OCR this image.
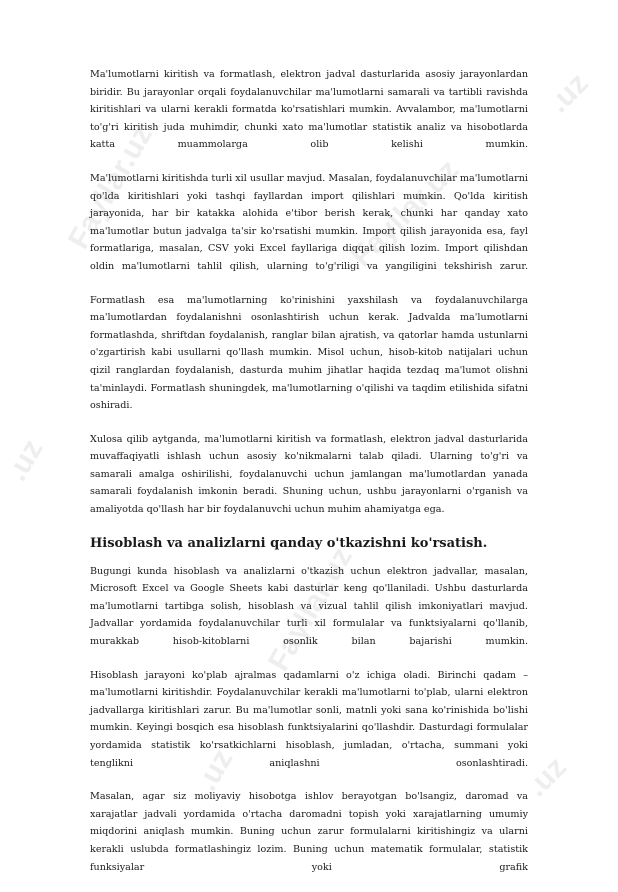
Fayllar.uz	Fayllar.uz
.uz
.uz
Fayllar.uz
.uz	.uz

Ma'lumotlarni kiritish va formatlash, elektron jadval dasturlarida asosiy jarayonlardan biridir. Bu jarayonlar orqali foydalanuvchilar ma'lumotlarni samarali va tartibli ravishda kiritishlari va ularni kerakli formatda ko'rsatishlari mumkin. Avvalambor, ma'lumotlarni to'g'ri kiritish juda muhimdir, chunki xato ma'lumotlar statistik analiz va hisobotlarda katta muammolarga olib kelishi mumkin.

Ma'lumotlarni kiritishda turli xil usullar mavjud. Masalan, foydalanuvchilar ma'lumotlarni qo'lda kiritishlari yoki tashqi fayllardan import qilishlari mumkin. Qo'lda kiritish jarayonida, har bir katakka alohida e'tibor berish kerak, chunki har qanday xato ma'lumotlar butun jadvalga ta'sir ko'rsatishi mumkin. Import qilish jarayonida esa, fayl formatlariga, masalan, CSV yoki Excel fayllariga diqqat qilish lozim. Import qilishdan oldin ma'lumotlarni tahlil qilish, ularning to'g'riligi va yangiligini tekshirish zarur.

Formatlash esa ma'lumotlarning ko'rinishini yaxshilash va foydalanuvchilarga ma'lumotlardan foydalanishni osonlashtirish uchun kerak. Jadvalda ma'lumotlarni formatlashda, shriftdan foydalanish, ranglar bilan ajratish, va qatorlar hamda ustunlarni o'zgartirish kabi usullarni qo'llash mumkin. Misol uchun, hisob-kitob natijalari uchun qizil ranglardan foydalanish, dasturda muhim jihatlar haqida tezdaq ma'lumot olishni ta'minlaydi. Formatlash shuningdek, ma'lumotlarning o'qilishi va taqdim etilishida sifatni oshiradi.

Xulosa qilib aytganda, ma'lumotlarni kiritish va formatlash, elektron jadval dasturlarida muvaffaqiyatli ishlash uchun asosiy ko'nikmalarni talab qiladi. Ularning to'g'ri va samarali amalga oshirilishi, foydalanuvchi uchun jamlangan ma'lumotlardan yanada samarali foydalanish imkonin beradi. Shuning uchun, ushbu jarayonlarni o'rganish va amaliyotda qo'llash har bir foydalanuvchi uchun muhim ahamiyatga ega.

Hisoblash va analizlarni qanday o'tkazishni ko'rsatish.

Bugungi kunda hisoblash va analizlarni o'tkazish uchun elektron jadvallar, masalan, Microsoft Excel va Google Sheets kabi dasturlar keng qo'llaniladi. Ushbu dasturlarda ma'lumotlarni tartibga solish, hisoblash va vizual tahlil qilish imkoniyatlari mavjud. Jadvallar yordamida foydalanuvchilar turli xil formulalar va funktsiyalarni qo'llanib, murakkab hisob-kitoblarni osonlik bilan bajarishi mumkin.

Hisoblash jarayoni ko'plab ajralmas qadamlarni o'z ichiga oladi. Birinchi qadam – ma'lumotlarni kiritishdir. Foydalanuvchilar kerakli ma'lumotlarni to'plab, ularni elektron jadvallarga kiritishlari zarur. Bu ma'lumotlar sonli, matnli yoki sana ko'rinishida bo'lishi mumkin. Keyingi bosqich esa hisoblash funktsiyalarini qo'llashdir. Dasturdagi formulalar yordamida statistik ko'rsatkichlarni hisoblash, jumladan, o'rtacha, summani yoki tenglikni aniqlashni osonlashtiradi.

Masalan, agar siz moliyaviy hisobotga ishlov berayotgan bo'lsangiz, daromad va xarajatlar jadvali yordamida o'rtacha daromadni topish yoki xarajatlarning umumiy miqdorini aniqlash mumkin. Buning uchun zarur formulalarni kiritishingiz va ularni kerakli uslubda formatlashingiz lozim. Buning uchun matematik formulalar, statistik funksiyalar yoki grafik
